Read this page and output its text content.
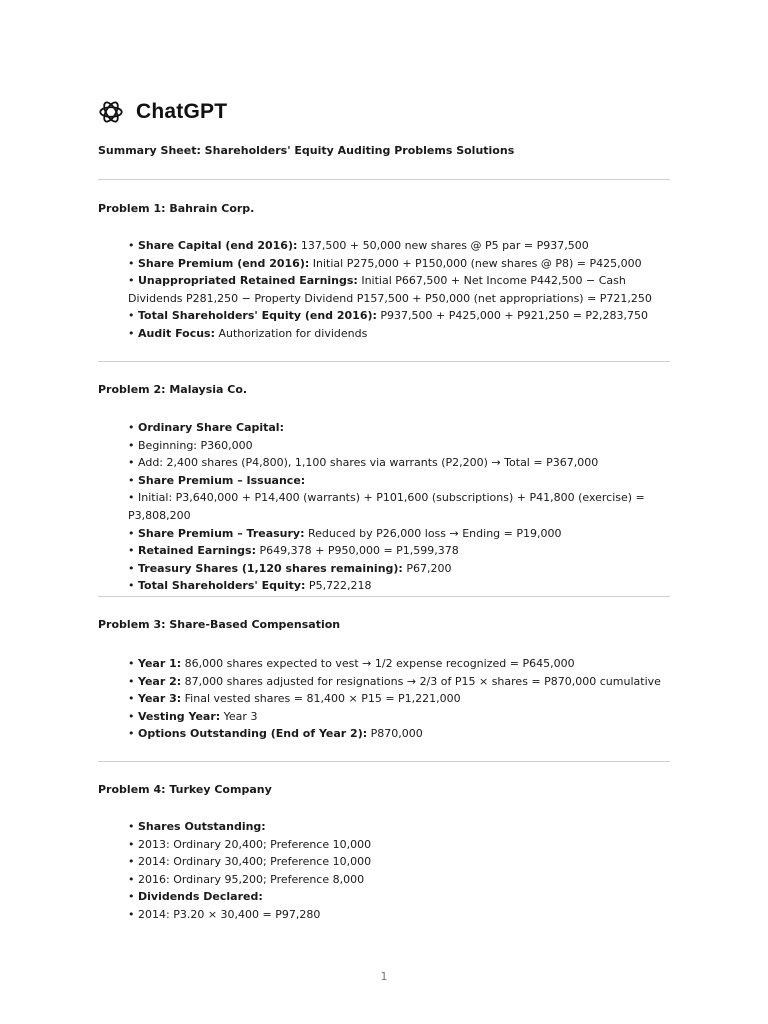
ChatGPT
Summary Sheet: Shareholders' Equity Auditing Problems Solutions
Problem 1: Bahrain Corp.
• Share Capital (end 2016): 137,500 + 50,000 new shares @ P5 par = P937,500
• Share Premium (end 2016): Initial P275,000 + P150,000 (new shares @ P8) = P425,000
• Unappropriated Retained Earnings: Initial P667,500 + Net Income P442,500 − Cash Dividends P281,250 − Property Dividend P157,500 + P50,000 (net appropriations) = P721,250
• Total Shareholders' Equity (end 2016): P937,500 + P425,000 + P921,250 = P2,283,750
• Audit Focus: Authorization for dividends
Problem 2: Malaysia Co.
• Ordinary Share Capital:
• Beginning: P360,000
• Add: 2,400 shares (P4,800), 1,100 shares via warrants (P2,200) → Total = P367,000
• Share Premium – Issuance:
• Initial: P3,640,000 + P14,400 (warrants) + P101,600 (subscriptions) + P41,800 (exercise) = P3,808,200
• Share Premium – Treasury: Reduced by P26,000 loss → Ending = P19,000
• Retained Earnings: P649,378 + P950,000 = P1,599,378
• Treasury Shares (1,120 shares remaining): P67,200
• Total Shareholders' Equity: P5,722,218
Problem 3: Share-Based Compensation
• Year 1: 86,000 shares expected to vest → 1/2 expense recognized = P645,000
• Year 2: 87,000 shares adjusted for resignations → 2/3 of P15 × shares = P870,000 cumulative
• Year 3: Final vested shares = 81,400 × P15 = P1,221,000
• Vesting Year: Year 3
• Options Outstanding (End of Year 2): P870,000
Problem 4: Turkey Company
• Shares Outstanding:
• 2013: Ordinary 20,400; Preference 10,000
• 2014: Ordinary 30,400; Preference 10,000
• 2016: Ordinary 95,200; Preference 8,000
• Dividends Declared:
• 2014: P3.20 × 30,400 = P97,280
1
